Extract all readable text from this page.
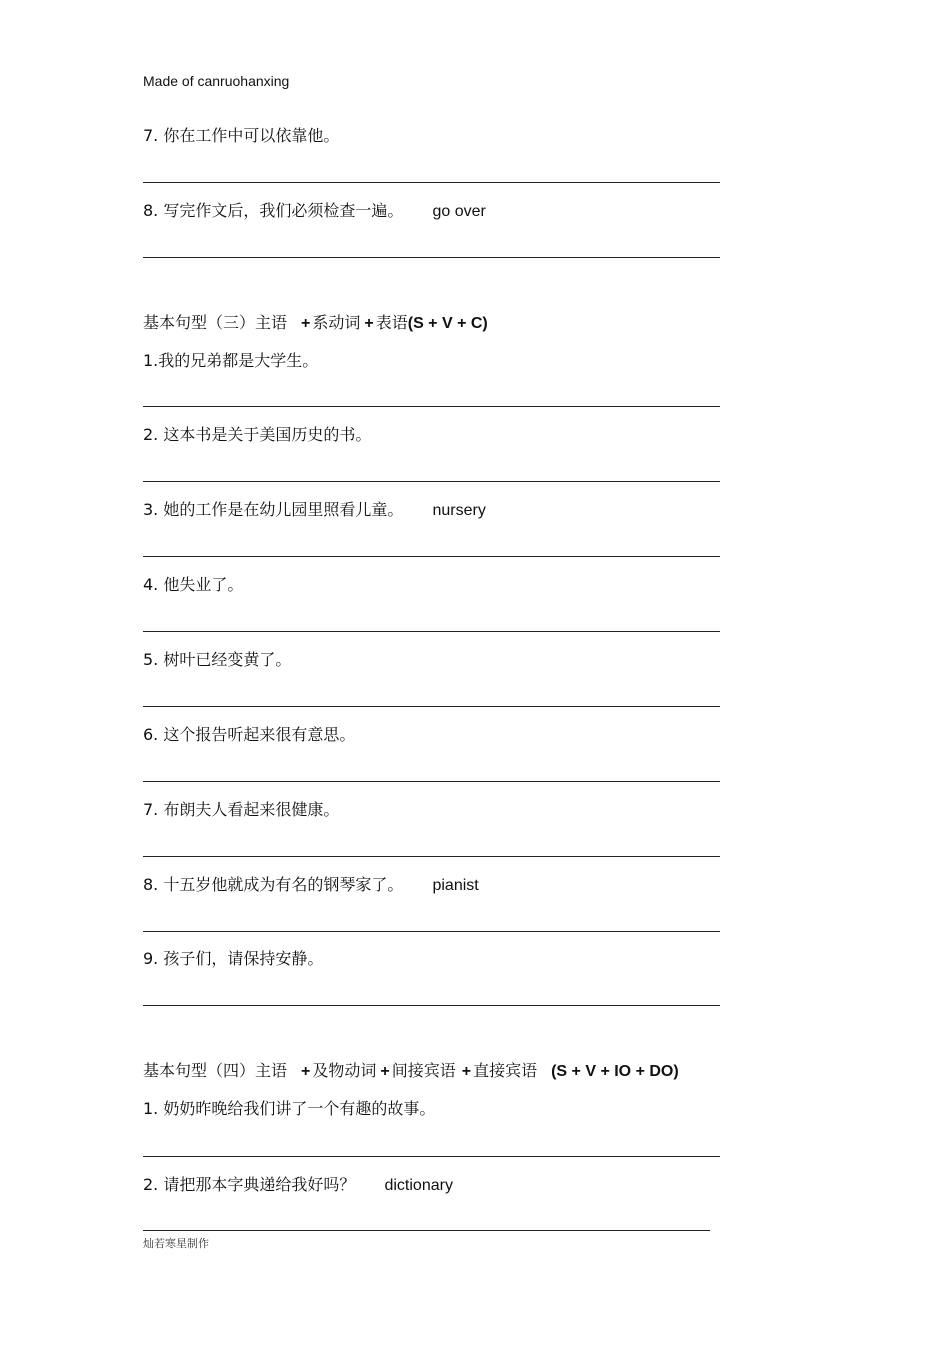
Made of canruohanxing
7. 你在工作中可以依靠他。
8. 写完作文后，我们必须检查一遍。 go over
基本句型（三）主语 + 系动词 + 表语(S + V + C)
1.我的兄弟都是大学生。
2. 这本书是关于美国历史的书。
3. 她的工作是在幼儿园里照看儿童。 nursery
4. 他失业了。
5. 树叶已经变黄了。
6. 这个报告听起来很有意思。
7. 布朗夫人看起来很健康。
8. 十五岁他就成为有名的钢琴家了。 pianist
9. 孩子们，请保持安静。
基本句型（四）主语 + 及物动词 + 间接宾语 + 直接宾语 (S + V + IO + DO)
1. 奶奶昨晚给我们讲了一个有趣的故事。
2. 请把那本字典递给我好吗？ dictionary
灿若寒星制作
